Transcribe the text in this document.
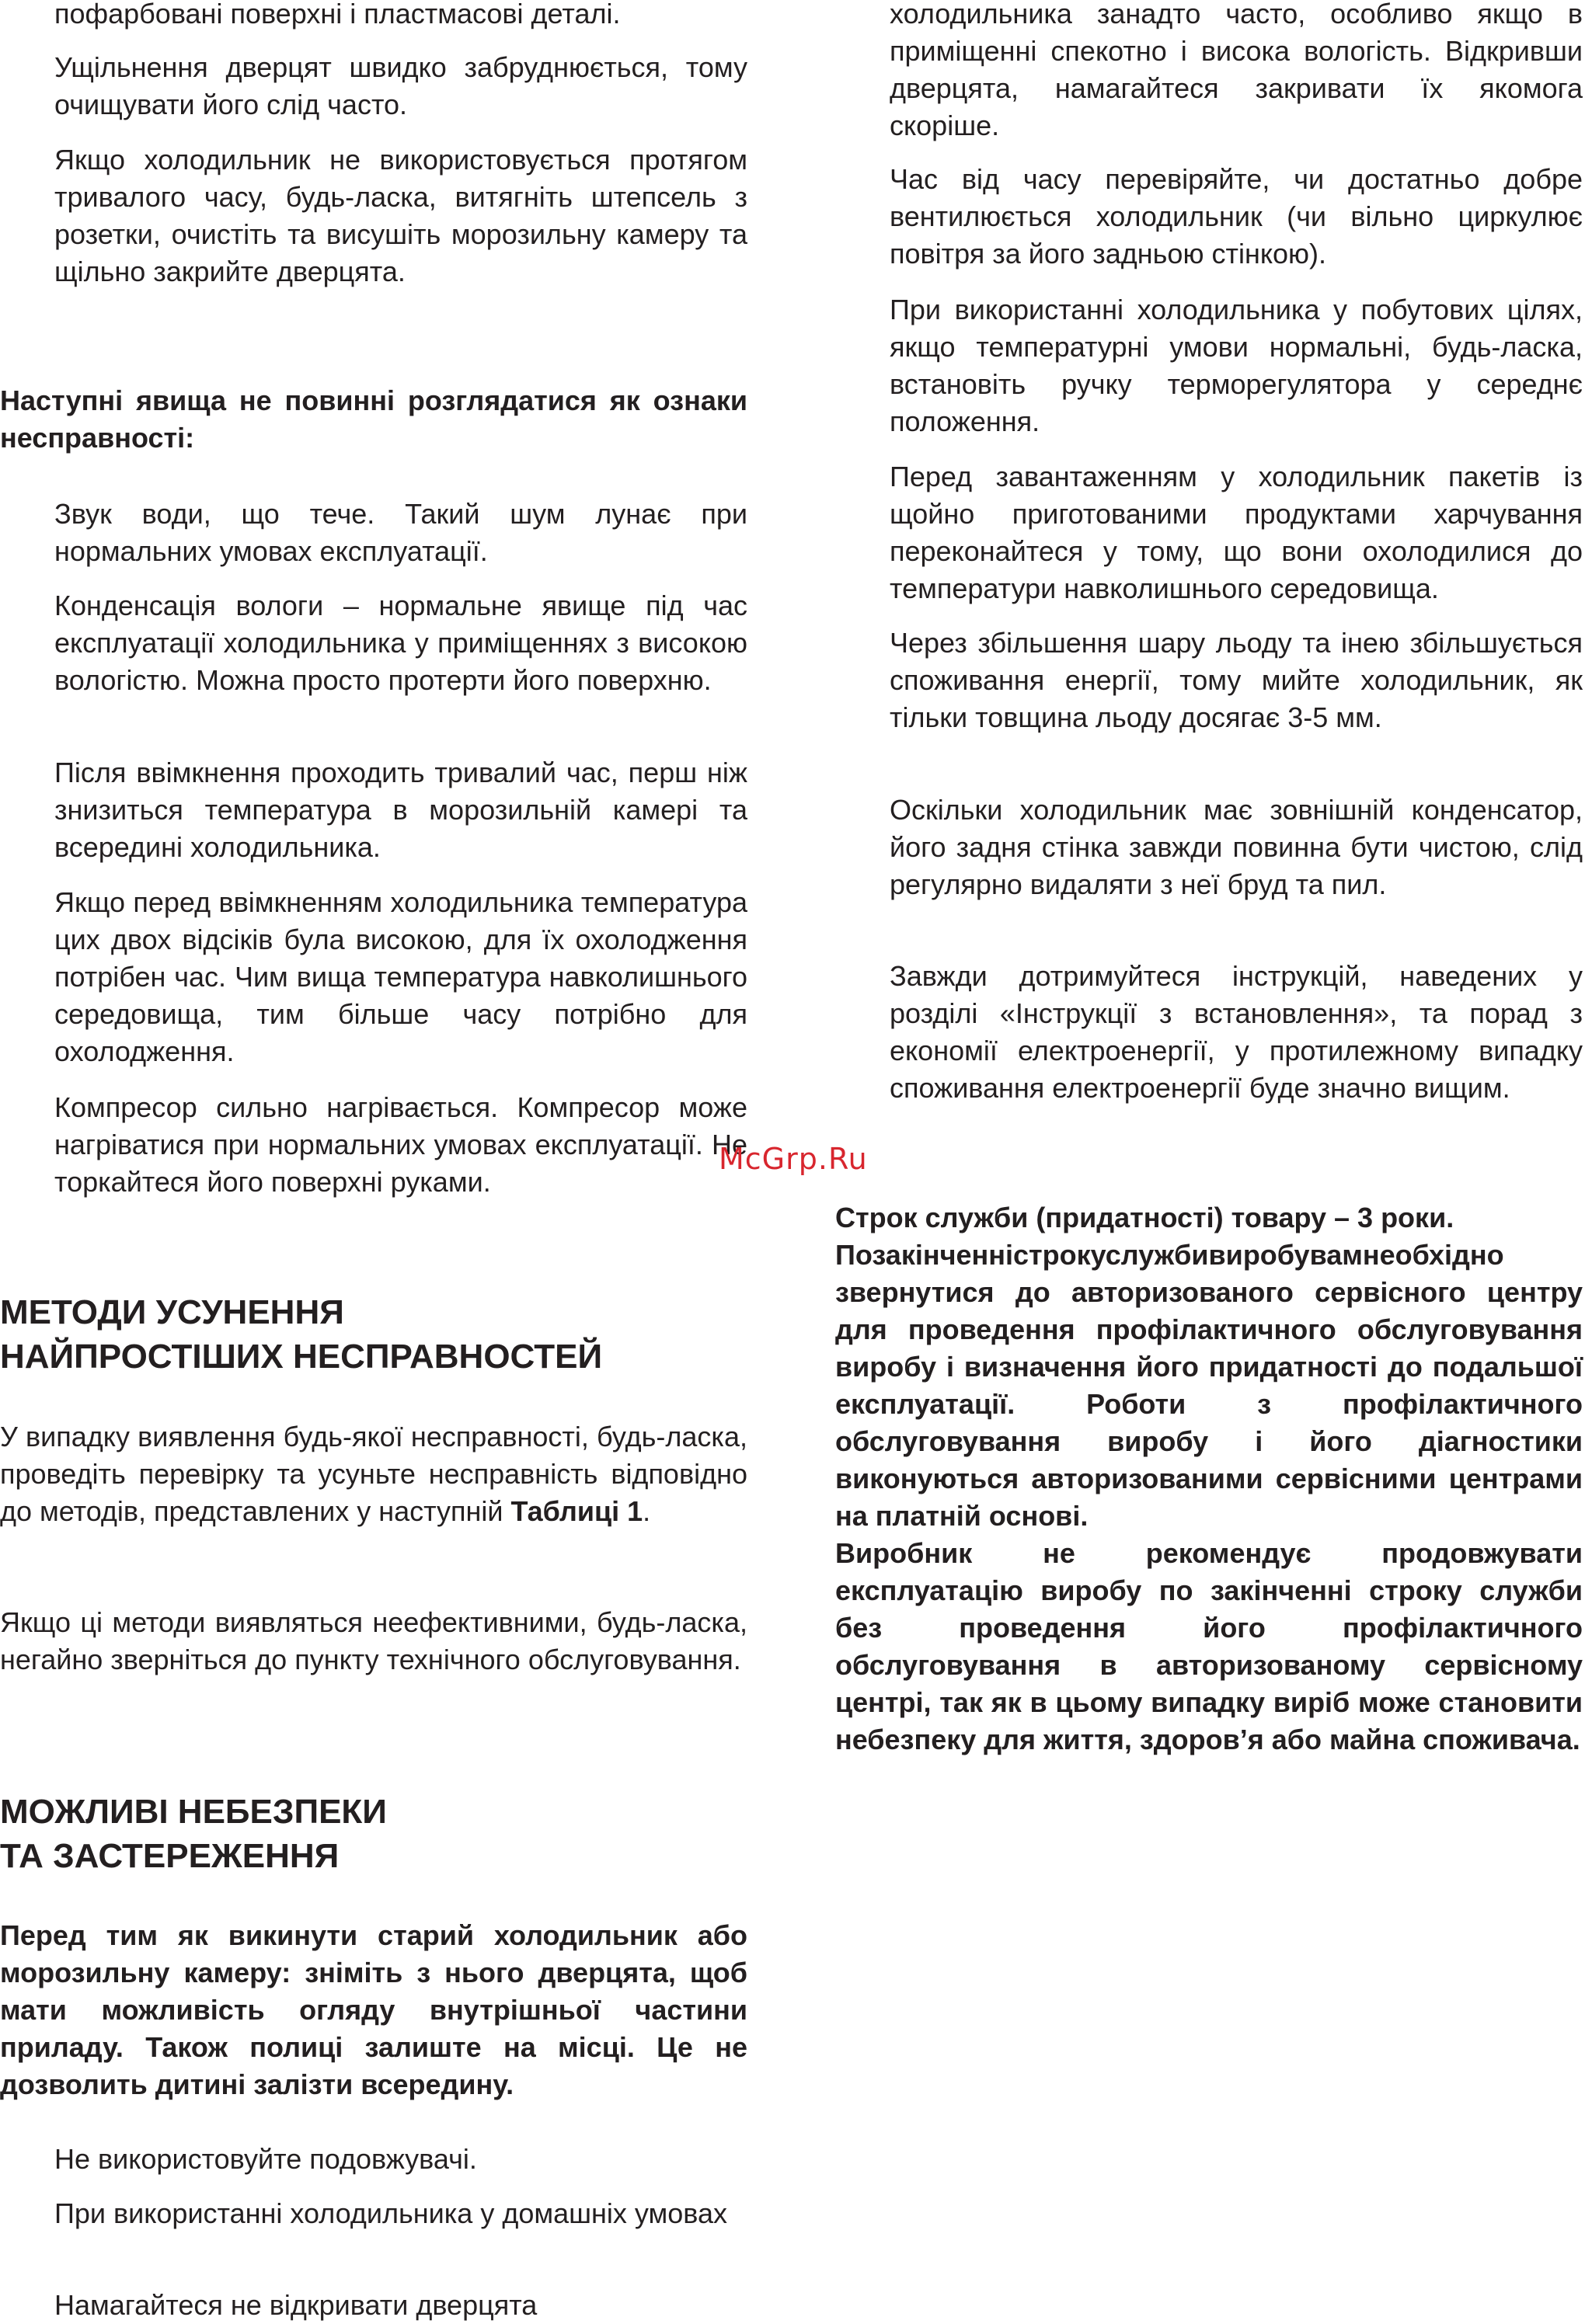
пофарбовані поверхні і пластмасові деталі.

Ущільнення дверцят швидко забруднюється, тому очищувати його слід часто.

Якщо холодильник не використовується протягом тривалого часу, будь-ласка, витягніть штепсель з розетки, очистіть та висушіть морозильну камеру та щільно закрийте дверцята.

Наступні явища не повинні розглядатися як ознаки несправності:

Звук води, що тече. Такий шум лунає при нормальних умовах експлуатації.

Конденсація вологи – нормальне явище під час експлуатації холодильника у приміщеннях з високою вологістю. Можна просто протерти його поверхню.

Після ввімкнення проходить тривалий час, перш ніж знизиться температура в морозильній камері та всередині холодильника.

Якщо перед ввімкненням холодильника температура цих двох відсіків була високою, для їх охолодження потрібен час. Чим вища температура навколишнього середовища, тим більше часу потрібно для охолодження.

Компресор сильно нагрівається. Компресор може нагріватися при нормальних умовах експлуатації. Не торкайтеся його поверхні руками.

МЕТОДИ УСУНЕННЯ
НАЙПРОСТІШИХ НЕСПРАВНОСТЕЙ

У випадку виявлення будь-якої несправності, будь-ласка, проведіть перевірку та усуньте несправність відповідно до методів, представлених у наступній Таблиці 1.

Якщо ці методи виявляться неефективними, будь-ласка, негайно зверніться до пункту технічного обслуговування.

МОЖЛИВІ НЕБЕЗПЕКИ
ТА ЗАСТЕРЕЖЕННЯ

Перед тим як викинути старий холодильник або морозильну камеру: зніміть з нього дверцята, щоб мати можливість огляду внутрішньої частини приладу. Також полиці залиште на місці. Це не дозволить дитині залізти всередину.

Не використовуйте подовжувачі.

При використанні холодильника у домашніх умовах

Намагайтеся не відкривати дверцята

холодильника занадто часто, особливо якщо в приміщенні спекотно і висока вологість. Відкривши дверцята, намагайтеся закривати їх якомога скоріше.

Час від часу перевіряйте, чи достатньо добре вентилюється холодильник (чи вільно циркулює повітря за його задньою стінкою).

При використанні холодильника у побутових цілях, якщо температурні умови нормальні, будь-ласка, встановіть ручку терморегулятора у середнє положення.

Перед завантаженням у холодильник пакетів із щойно приготованими продуктами харчування переконайтеся у тому, що вони охолодилися до температури навколишнього середовища.

Через збільшення шару льоду та інею збільшується споживання енергії, тому мийте холодильник, як тільки товщина льоду досягає 3-5 мм.

Оскільки холодильник має зовнішній конденсатор, його задня стінка завжди повинна бути чистою, слід регулярно видаляти з неї бруд та пил.

Завжди дотримуйтеся інструкцій, наведених у розділі «Інструкції з встановлення», та порад з економії електроенергії, у протилежному випадку споживання електроенергії буде значно вищим.

Строк служби (придатності) товару – 3 роки.

Позакінченністрокуслужбивиробувамнеобхідно звернутися до авторизованого сервісного центру для проведення профілактичного обслуговування виробу і визначення його придатності до подальшої експлуатації. Роботи з профілактичного обслуговування виробу і його діагностики виконуються авторизованими сервісними центрами на платній основі.

Виробник не рекомендує продовжувати експлуатацію виробу по закінченні строку служби без проведення його профілактичного обслуговування в авторизованому сервісному центрі, так як в цьому випадку виріб може становити небезпеку для життя, здоров’я або майна споживача.

McGrp.Ru
